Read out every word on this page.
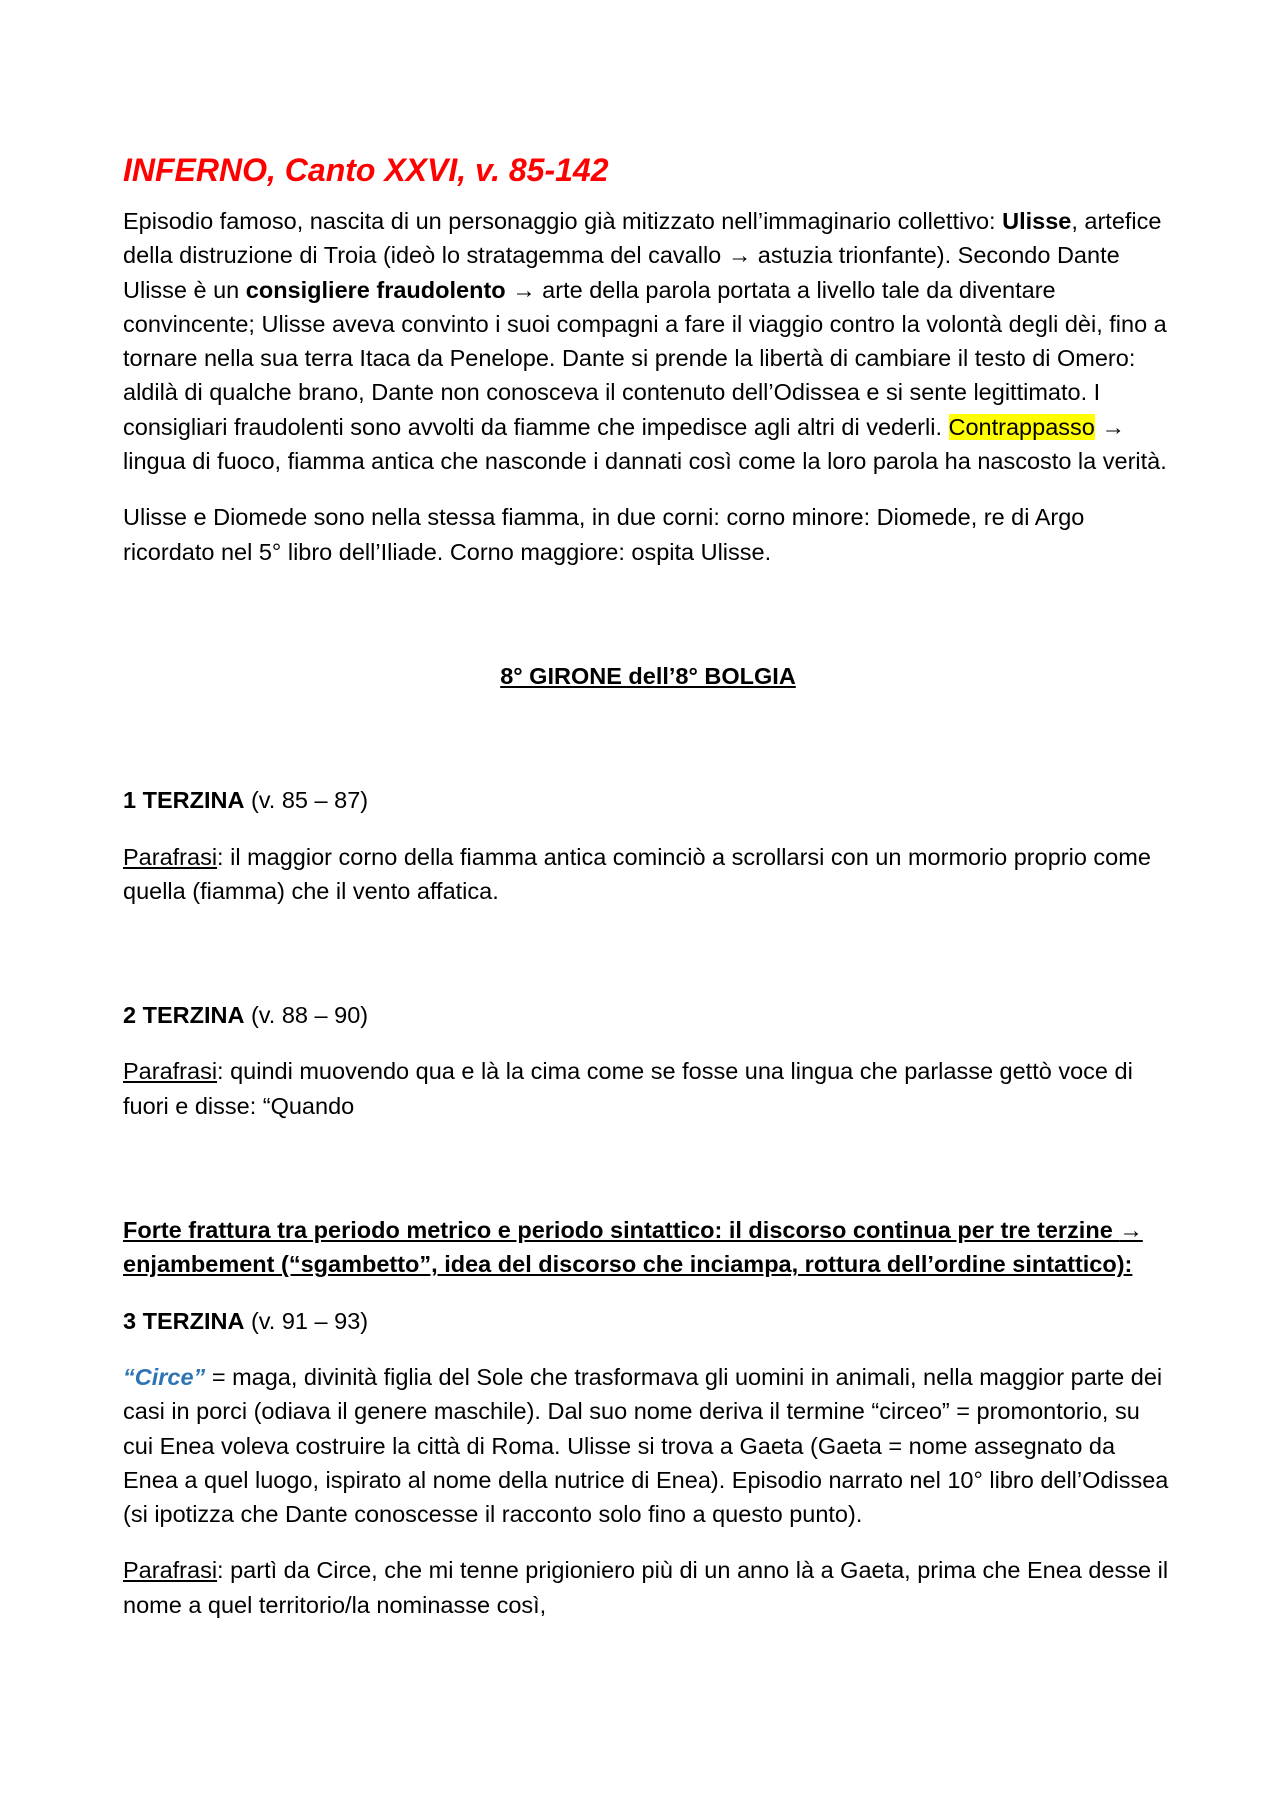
INFERNO, Canto XXVI, v. 85-142

Episodio famoso, nascita di un personaggio già mitizzato nell’immaginario collettivo: Ulisse, artefice della distruzione di Troia (ideò lo stratagemma del cavallo → astuzia trionfante). Secondo Dante Ulisse è un consigliere fraudolento → arte della parola portata a livello tale da diventare convincente; Ulisse aveva convinto i suoi compagni a fare il viaggio contro la volontà degli dèi, fino a tornare nella sua terra Itaca da Penelope. Dante si prende la libertà di cambiare il testo di Omero: aldilà di qualche brano, Dante non conosceva il contenuto dell’Odissea e si sente legittimato. I consigliari fraudolenti sono avvolti da fiamme che impedisce agli altri di vederli. Contrappasso → lingua di fuoco, fiamma antica che nasconde i dannati così come la loro parola ha nascosto la verità.

Ulisse e Diomede sono nella stessa fiamma, in due corni: corno minore: Diomede, re di Argo ricordato nel 5° libro dell’Iliade. Corno maggiore: ospita Ulisse.

8° GIRONE dell’8° BOLGIA

1 TERZINA (v. 85 – 87)

Parafrasi: il maggior corno della fiamma antica cominciò a scrollarsi con un mormorio proprio come quella (fiamma) che il vento affatica.

2 TERZINA (v. 88 – 90)

Parafrasi: quindi muovendo qua e là la cima come se fosse una lingua che parlasse gettò voce di fuori e disse: “Quando

Forte frattura tra periodo metrico e periodo sintattico: il discorso continua per tre terzine → enjambement (“sgambetto”, idea del discorso che inciampa, rottura dell’ordine sintattico):

3 TERZINA (v. 91 – 93)

“Circe” = maga, divinità figlia del Sole che trasformava gli uomini in animali, nella maggior parte dei casi in porci (odiava il genere maschile). Dal suo nome deriva il termine “circeo” = promontorio, su cui Enea voleva costruire la città di Roma. Ulisse si trova a Gaeta (Gaeta = nome assegnato da Enea a quel luogo, ispirato al nome della nutrice di Enea). Episodio narrato nel 10° libro dell’Odissea (si ipotizza che Dante conoscesse il racconto solo fino a questo punto).

Parafrasi: partì da Circe, che mi tenne prigioniero più di un anno là a Gaeta, prima che Enea desse il nome a quel territorio/la nominasse così,
